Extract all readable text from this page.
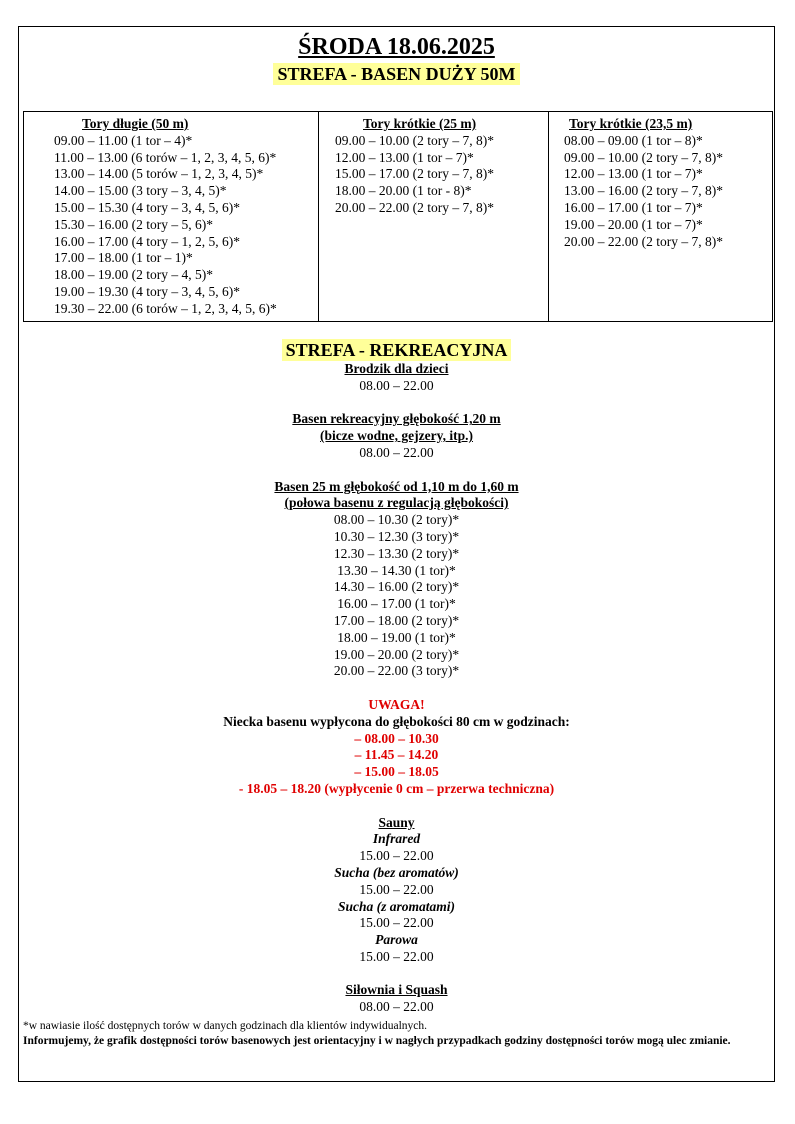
ŚRODA 18.06.2025
STREFA - BASEN DUŻY 50M
Tory długie (50 m)
09.00 – 11.00 (1 tor – 4)*
11.00 – 13.00 (6 torów – 1, 2, 3, 4, 5, 6)*
13.00 – 14.00 (5 torów – 1, 2, 3, 4, 5)*
14.00 – 15.00 (3 tory – 3, 4, 5)*
15.00 – 15.30 (4 tory – 3, 4, 5, 6)*
15.30 – 16.00 (2 tory – 5, 6)*
16.00 – 17.00 (4 tory – 1, 2, 5, 6)*
17.00 – 18.00 (1 tor – 1)*
18.00 – 19.00 (2 tory – 4, 5)*
19.00 – 19.30 (4 tory – 3, 4, 5, 6)*
19.30 – 22.00 (6 torów – 1, 2, 3, 4, 5, 6)*
Tory krótkie (25 m)
09.00 – 10.00 (2 tory – 7, 8)*
12.00 – 13.00 (1 tor – 7)*
15.00 – 17.00 (2 tory – 7, 8)*
18.00 – 20.00 (1 tor - 8)*
20.00 – 22.00 (2 tory – 7, 8)*
Tory krótkie (23,5 m)
08.00 – 09.00 (1 tor – 8)*
09.00 – 10.00 (2 tory – 7, 8)*
12.00 – 13.00 (1 tor – 7)*
13.00 – 16.00 (2 tory – 7, 8)*
16.00 – 17.00 (1 tor – 7)*
19.00 – 20.00 (1 tor – 7)*
20.00 – 22.00 (2 tory – 7, 8)*
STREFA - REKREACYJNA
Brodzik dla dzieci
08.00 – 22.00
Basen rekreacyjny głębokość 1,20 m
(bicze wodne, gejzery, itp.)
08.00 – 22.00
Basen 25 m głębokość od 1,10 m do 1,60 m
(połowa basenu z regulacją głębokości)
08.00 – 10.30 (2 tory)*
10.30 – 12.30 (3 tory)*
12.30 – 13.30 (2 tory)*
13.30 – 14.30 (1 tor)*
14.30 – 16.00 (2 tory)*
16.00 – 17.00 (1 tor)*
17.00 – 18.00 (2 tory)*
18.00 – 19.00 (1 tor)*
19.00 – 20.00 (2 tory)*
20.00 – 22.00 (3 tory)*
UWAGA!
Niecka basenu wypłycona do głębokości 80 cm w godzinach:
– 08.00 – 10.30
– 11.45 – 14.20
– 15.00 – 18.05
- 18.05 – 18.20 (wypłycenie 0 cm – przerwa techniczna)
Sauny
Infrared
15.00 – 22.00
Sucha (bez aromatów)
15.00 – 22.00
Sucha (z aromatami)
15.00 – 22.00
Parowa
15.00 – 22.00
Siłownia i Squash
08.00 – 22.00
*w nawiasie ilość dostępnych torów w danych godzinach dla klientów indywidualnych.
Informujemy, że grafik dostępności torów basenowych jest orientacyjny i w nagłych przypadkach godziny dostępności torów mogą ulec zmianie.
